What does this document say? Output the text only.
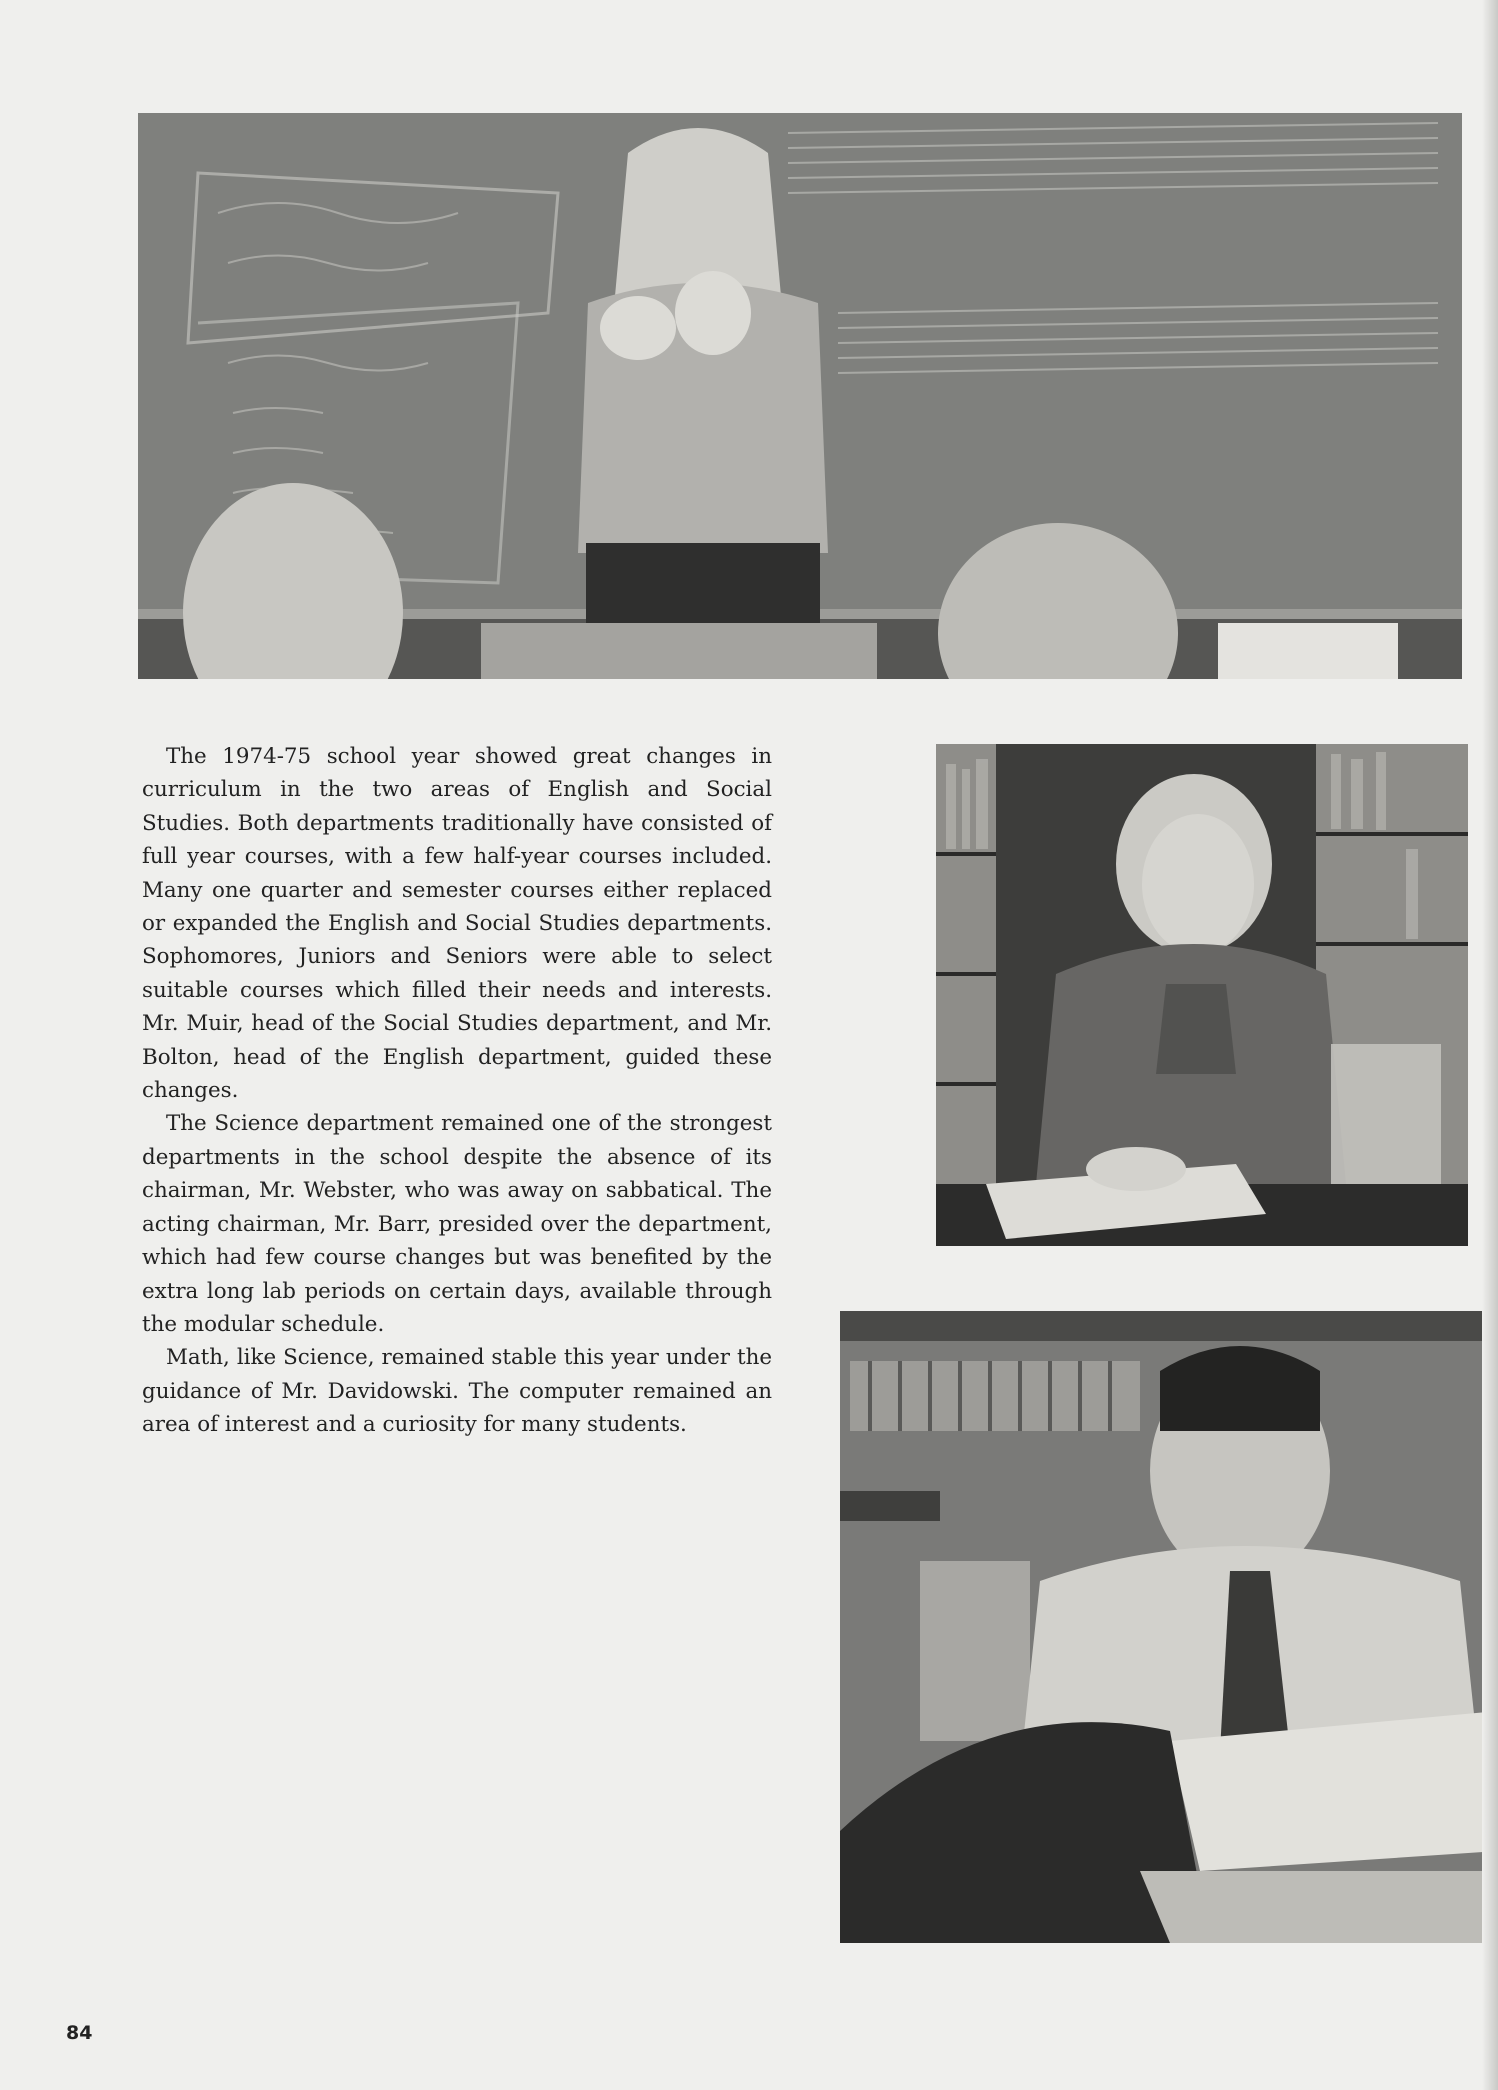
The 1974-75 school year showed great changes in curriculum in the two areas of English and Social Studies. Both departments traditionally have consisted of full year courses, with a few half-year courses included. Many one quarter and semester courses either replaced or expanded the English and Social Studies departments. Sophomores, Juniors and Seniors were able to select suitable courses which filled their needs and interests. Mr. Muir, head of the Social Studies department, and Mr. Bolton, head of the English department, guided these changes.

The Science department remained one of the strongest departments in the school despite the absence of its chairman, Mr. Webster, who was away on sabbatical. The acting chairman, Mr. Barr, presided over the department, which had few course changes but was benefited by the extra long lab periods on certain days, available through the modular schedule.

Math, like Science, remained stable this year under the guidance of Mr. Davidowski. The computer remained an area of interest and a curiosity for many students.

84
